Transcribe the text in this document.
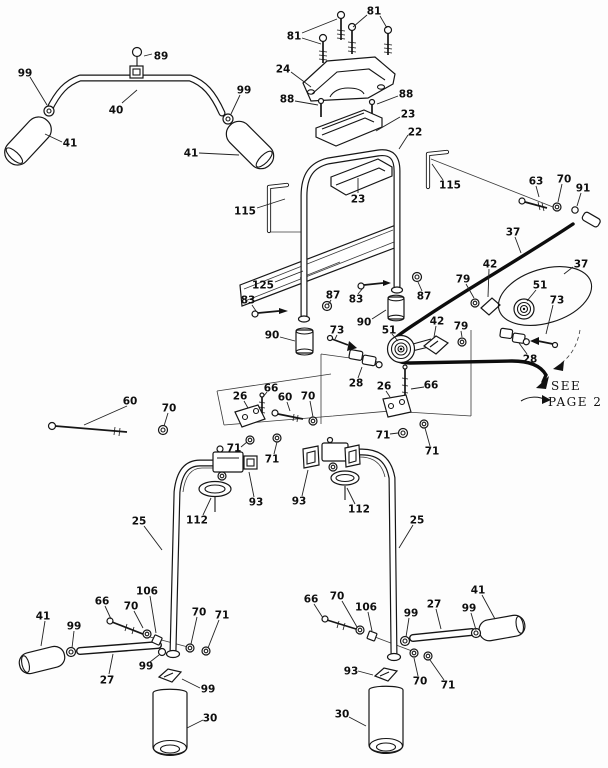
SEE
PAGE 2
99
89
40
99
41
41
81
81
24
88	88
23
22
115
115
23
125
83	87 83	87
90
90
73
73
63 70
91
37
37
51
51
42 79
42
79
28
28
26
66
60 70
60
70
71
71
71
71
93	93
112
112
25	25
26	66
41
99
66 70
106
70 71
27
99
99
30
66 70
106	99
27 99
41
93
70 71
30
